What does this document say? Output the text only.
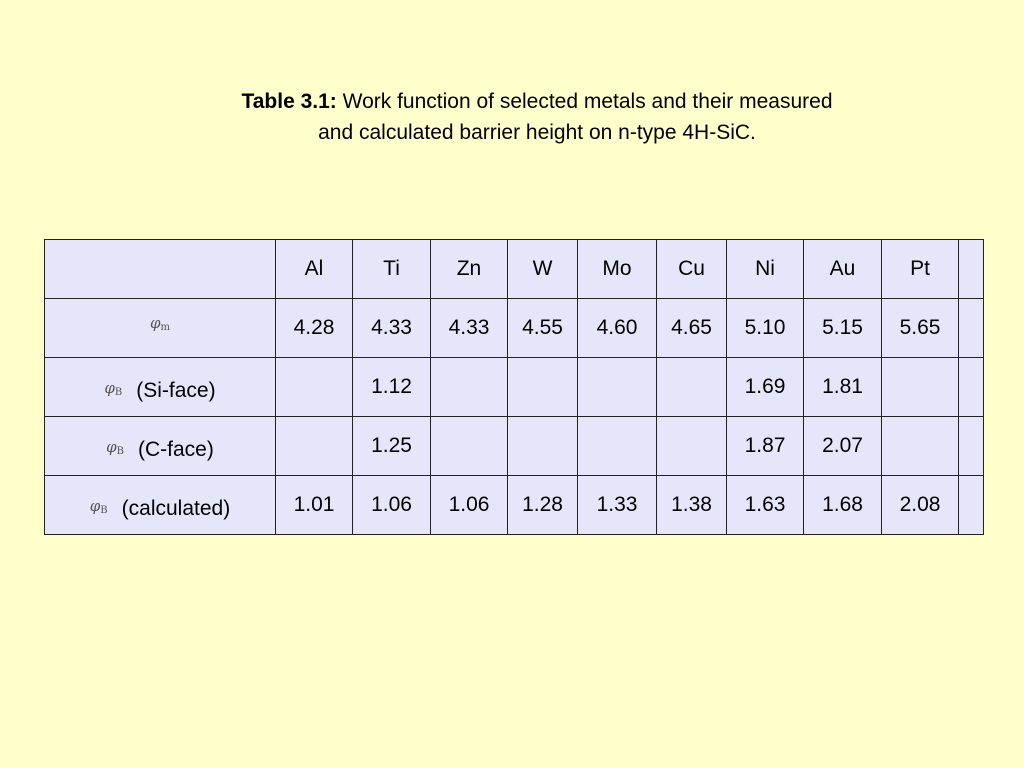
Table 3.1: Work function of selected metals and their measured
and calculated barrier height on n-type 4H-SiC.
	Al	Ti	Zn	W	Mo	Cu	Ni	Au	Pt	
$^{\varphi_m}$	4.28	4.33	4.33	4.55	4.60	4.65	5.10	5.15	5.65	
$\varphi_B$ (Si-face)		1.12					1.69	1.81		
$\varphi_B$ (C-face)		1.25					1.87	2.07		
$\varphi_B$ (calculated)	1.01	1.06	1.06	1.28	1.33	1.38	1.63	1.68	2.08	
